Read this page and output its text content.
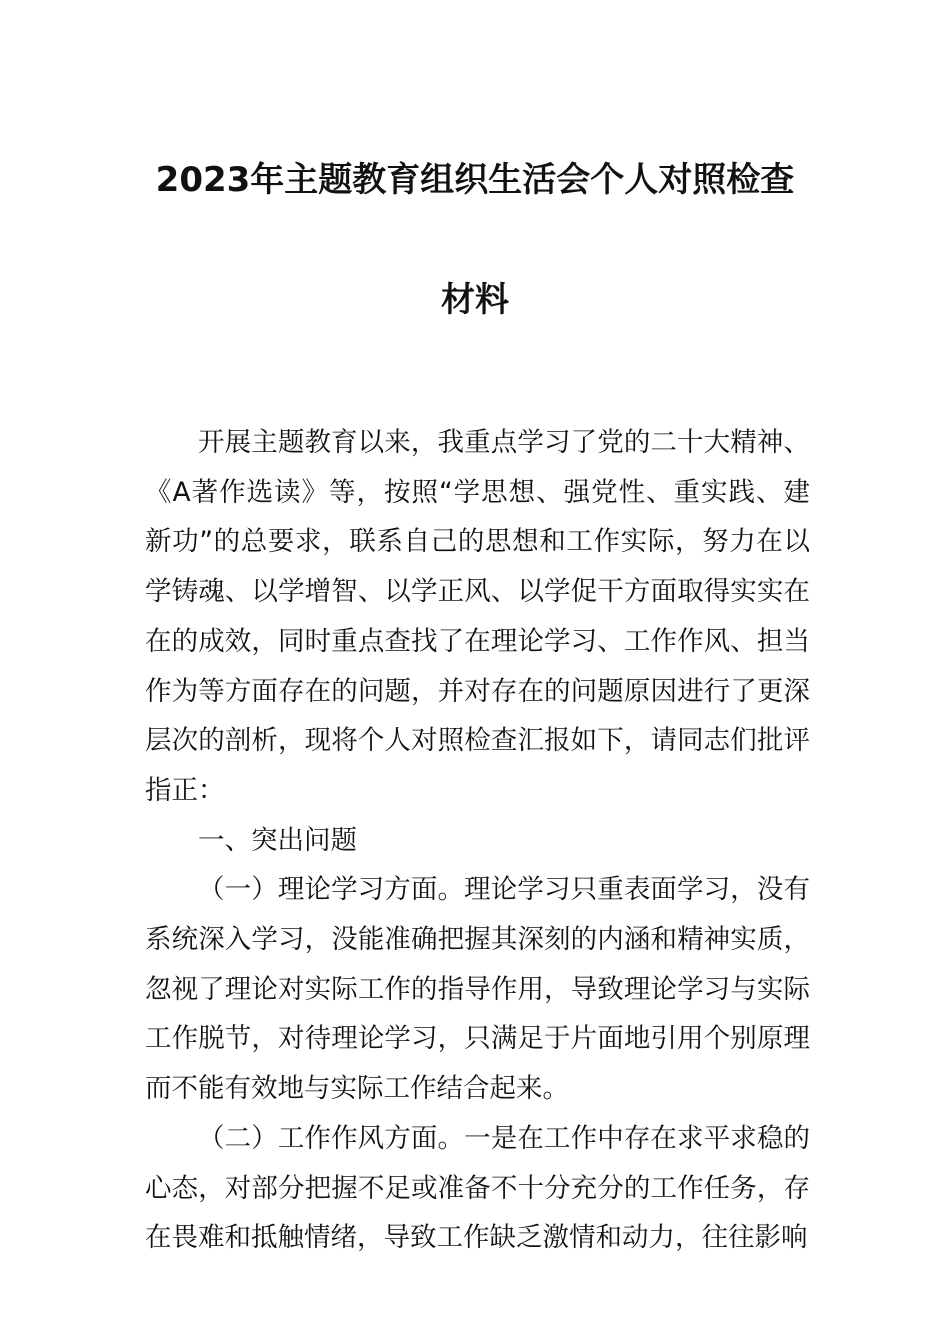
2023年主题教育组织生活会个人对照检查
材料

开展主题教育以来，我重点学习了党的二十大精神、《A著作选读》等，按照“学思想、强党性、重实践、建新功”的总要求，联系自己的思想和工作实际，努力在以学铸魂、以学增智、以学正风、以学促干方面取得实实在在的成效，同时重点查找了在理论学习、工作作风、担当作为等方面存在的问题，并对存在的问题原因进行了更深层次的剖析，现将个人对照检查汇报如下，请同志们批评指正：

一、突出问题

（一）理论学习方面。理论学习只重表面学习，没有系统深入学习，没能准确把握其深刻的内涵和精神实质，忽视了理论对实际工作的指导作用，导致理论学习与实际工作脱节，对待理论学习，只满足于片面地引用个别原理而不能有效地与实际工作结合起来。

（二）工作作风方面。一是在工作中存在求平求稳的心态，对部分把握不足或准备不十分充分的工作任务，存在畏难和抵触情绪，导致工作缺乏激情和动力，往往影响
